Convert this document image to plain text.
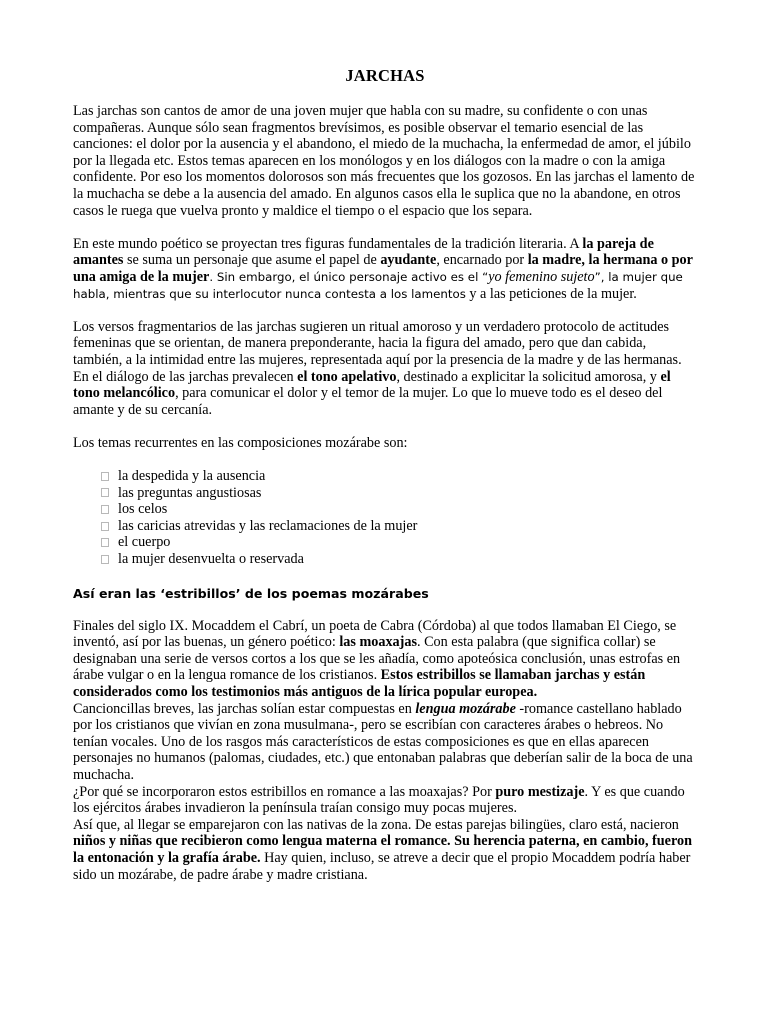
JARCHAS

Las jarchas son cantos de amor de una joven mujer que habla con su madre, su confidente o con unas compañeras. Aunque sólo sean fragmentos brevísimos, es posible observar el temario esencial de las canciones: el dolor por la ausencia y el abandono, el miedo de la muchacha, la enfermedad de amor, el júbilo por la llegada etc. Estos temas aparecen en los monólogos y en los diálogos con la madre o con la amiga confidente. Por eso los momentos dolorosos son más frecuentes que los gozosos. En las jarchas el lamento de la muchacha se debe a la ausencia del amado. En algunos casos ella le suplica que no la abandone, en otros casos le ruega que vuelva pronto y maldice el tiempo o el espacio que los separa.

En este mundo poético se proyectan tres figuras fundamentales de la tradición literaria. A la pareja de amantes se suma un personaje que asume el papel de ayudante, encarnado por la madre, la hermana o por una amiga de la mujer. Sin embargo, el único personaje activo es el “yo femenino sujeto”, la mujer que habla, mientras que su interlocutor nunca contesta a los lamentos y a las peticiones de la mujer.

Los versos fragmentarios de las jarchas sugieren un ritual amoroso y un verdadero protocolo de actitudes femeninas que se orientan, de manera preponderante, hacia la figura del amado, pero que dan cabida, también, a la intimidad entre las mujeres, representada aquí por la presencia de la madre y de las hermanas. En el diálogo de las jarchas prevalecen el tono apelativo, destinado a explicitar la solicitud amorosa, y el tono melancólico, para comunicar el dolor y el temor de la mujer. Lo que lo mueve todo es el deseo del amante y de su cercanía.

Los temas recurrentes en las composiciones mozárabe son:

la despedida y la ausencia
las preguntas angustiosas
los celos
las caricias atrevidas y las reclamaciones de la mujer
el cuerpo
la mujer desenvuelta o reservada
Así eran las ‘estribillos’ de los poemas mozárabes

Finales del siglo IX. Mocaddem el Cabrí, un poeta de Cabra (Córdoba) al que todos llamaban El Ciego, se inventó, así por las buenas, un género poético: las moaxajas. Con esta palabra (que significa collar) se designaban una serie de versos cortos a los que se les añadía, como apoteósica conclusión, unas estrofas en árabe vulgar o en la lengua romance de los cristianos. Estos estribillos se llamaban jarchas y están considerados como los testimonios más antiguos de la lírica popular europea.

Cancioncillas breves, las jarchas solían estar compuestas en lengua mozárabe -romance castellano hablado por los cristianos que vivían en zona musulmana-, pero se escribían con caracteres árabes o hebreos. No tenían vocales. Uno de los rasgos más característicos de estas composiciones es que en ellas aparecen personajes no humanos (palomas, ciudades, etc.) que entonaban palabras que deberían salir de la boca de una muchacha.

¿Por qué se incorporaron estos estribillos en romance a las moaxajas? Por puro mestizaje. Y es que cuando los ejércitos árabes invadieron la península traían consigo muy pocas mujeres.

Así que, al llegar se emparejaron con las nativas de la zona. De estas parejas bilingües, claro está, nacieron niños y niñas que recibieron como lengua materna el romance. Su herencia paterna, en cambio, fueron la entonación y la grafía árabe. Hay quien, incluso, se atreve a decir que el propio Mocaddem podría haber sido un mozárabe, de padre árabe y madre cristiana.
